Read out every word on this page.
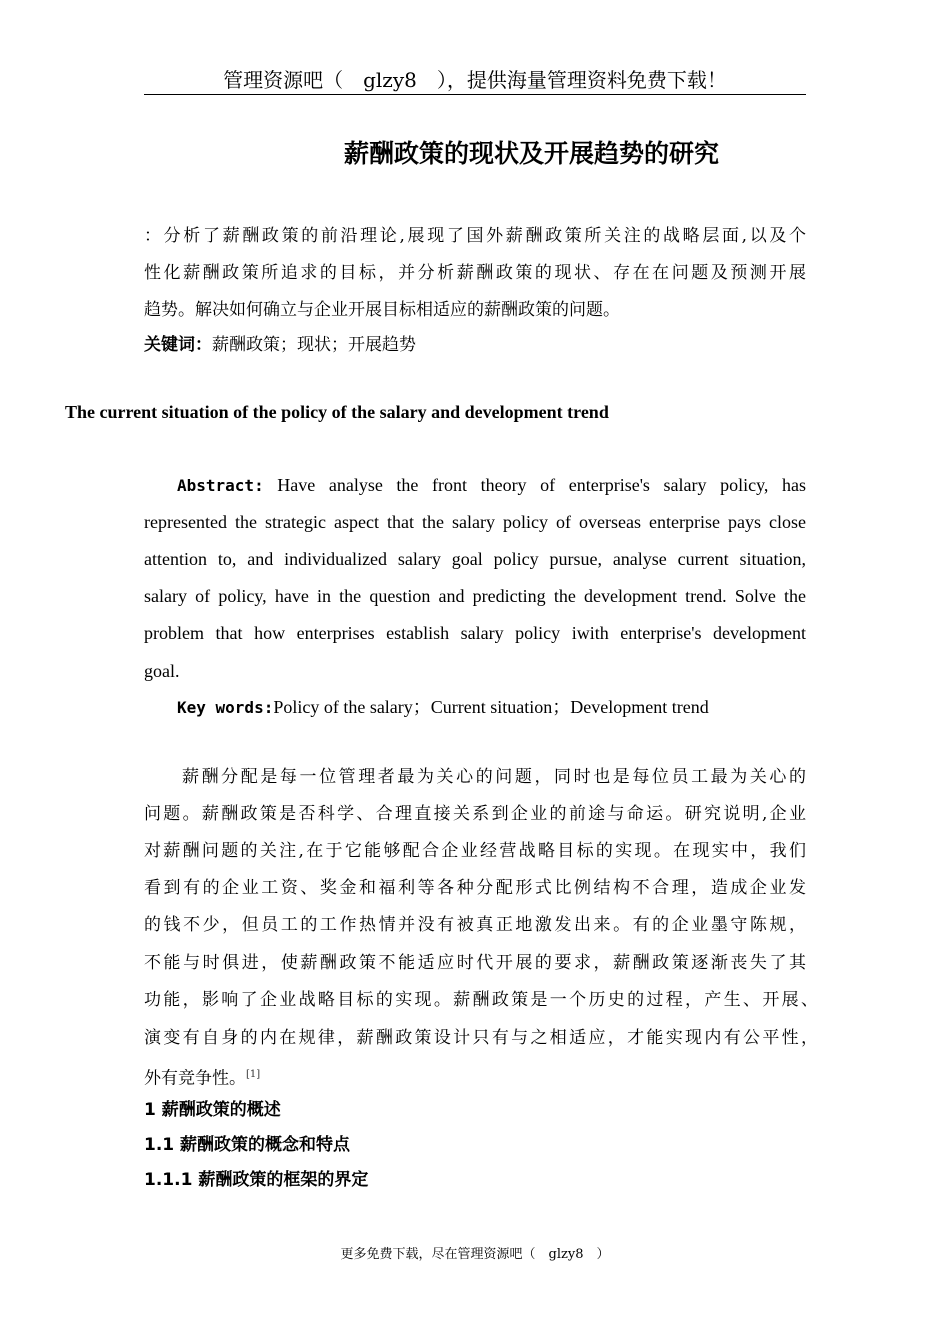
管理资源吧（　glzy8　），提供海量管理资料免费下载！
薪酬政策的现状及开展趋势的研究

：分析了薪酬政策的前沿理论,展现了国外薪酬政策所关注的战略层面,以及个

性化薪酬政策所追求的目标，并分析薪酬政策的现状、存在在问题及预测开展

趋势。解决如何确立与企业开展目标相适应的薪酬政策的问题。

关键词：薪酬政策；现状；开展趋势

The current situation of the policy of the salary and development trend

Abstract: Have analyse the front theory of enterprise's salary policy, has

represented the strategic aspect that the salary policy of overseas enterprise pays close

attention to, and individualized salary goal policy pursue, analyse current situation,

salary of policy, have in the question and predicting the development trend. Solve the

problem that how enterprises establish salary policy iwith enterprise's development

goal.

Key words:Policy of the salary；Current situation；Development trend

薪酬分配是每一位管理者最为关心的问题，同时也是每位员工最为关心的

问题。薪酬政策是否科学、合理直接关系到企业的前途与命运。研究说明,企业

对薪酬问题的关注,在于它能够配合企业经营战略目标的实现。在现实中，我们

看到有的企业工资、奖金和福利等各种分配形式比例结构不合理，造成企业发

的钱不少，但员工的工作热情并没有被真正地激发出来。有的企业墨守陈规，

不能与时俱进，使薪酬政策不能适应时代开展的要求，薪酬政策逐渐丧失了其

功能，影响了企业战略目标的实现。薪酬政策是一个历史的过程，产生、开展、

演变有自身的内在规律，薪酬政策设计只有与之相适应，才能实现内有公平性，

外有竞争性。[1]

1 薪酬政策的概述
1.1 薪酬政策的概念和特点
1.1.1 薪酬政策的框架的界定
更多免费下载，尽在管理资源吧（　glzy8　）
